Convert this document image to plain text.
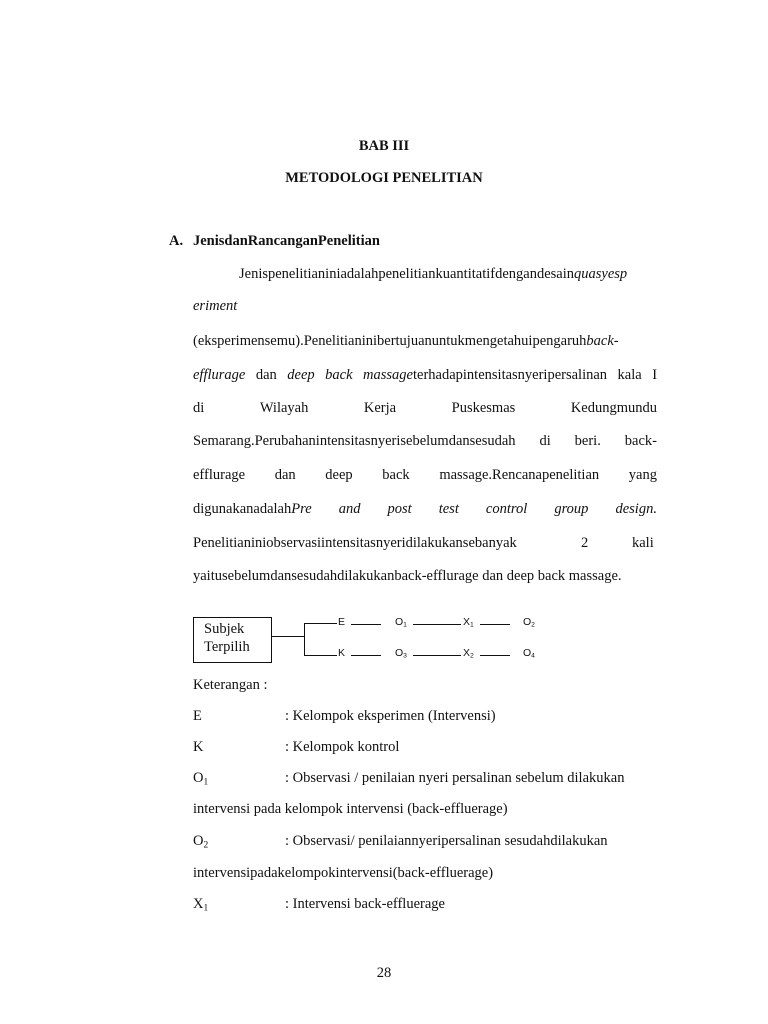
BAB III
METODOLOGI PENELITIAN
A. JenisdanRancanganPenelitian
Jenispenelitianiniadalahpenelitiankuantitatifdengandesainquasyesp
eriment
(eksperimensemu).Penelitianinibertujuanuntukmengetahuipengaruhback-
efflurage dan deep back massageterhadapintensitasnyeripersalinan kala I
di	Wilayah	Kerja	Puskesmas	Kedungmundu
Semarang.Perubahanintensitasnyerisebelumdansesudah di beri. back-
efflurage dan deep back massage.Rencanapenelitian yang
digunakanadalahPre and post test control group design.
Penelitianiniobservasiintensitasnyeridilakukansebanyak	2	kali
yaitusebelumdansesudahdilakukanback-efflurage dan deep back massage.
Subjek
Terpilih
E	$O_1$	$X_1$	$O_2$
K	$O_3$	$X_2$	$O_4$
Keterangan :
E	: Kelompok eksperimen (Intervensi)
K	: Kelompok kontrol
$O_1$	: Observasi / penilaian nyeri persalinan sebelum dilakukan
intervensi pada kelompok intervensi (back-effluerage)
$O_2$	: Observasi/ penilaiannyeripersalinan sesudahdilakukan
intervensipadakelompokintervensi(back-effluerage)
$X_1$	: Intervensi back-effluerage
28
